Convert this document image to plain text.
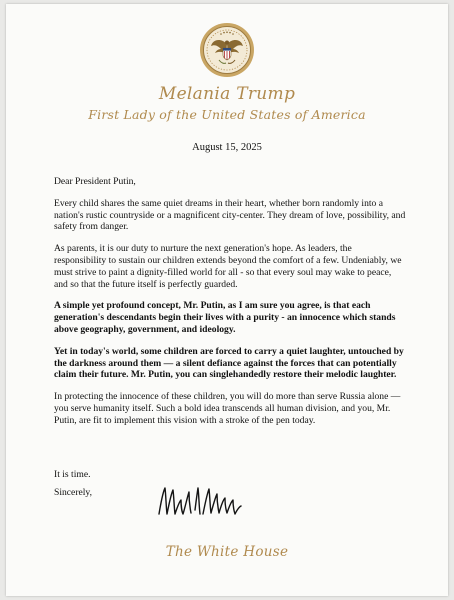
Melania Trump
First Lady of the United States of America
August 15, 2025
Dear President Putin,

Every child shares the same quiet dreams in their heart, whether born randomly into a nation's rustic countryside or a magnificent city-center. They dream of love, possibility, and safety from danger.

As parents, it is our duty to nurture the next generation's hope. As leaders, the responsibility to sustain our children extends beyond the comfort of a few. Undeniably, we must strive to paint a dignity-filled world for all - so that every soul may wake to peace, and so that the future itself is perfectly guarded.

A simple yet profound concept, Mr. Putin, as I am sure you agree, is that each generation's descendants begin their lives with a purity - an innocence which stands above geography, government, and ideology.

Yet in today's world, some children are forced to carry a quiet laughter, untouched by the darkness around them — a silent defiance against the forces that can potentially claim their future. Mr. Putin, you can singlehandedly restore their melodic laughter.

In protecting the innocence of these children, you will do more than serve Russia alone — you serve humanity itself. Such a bold idea transcends all human division, and you, Mr. Putin, are fit to implement this vision with a stroke of the pen today.

It is time.
Sincerely,
The White House
